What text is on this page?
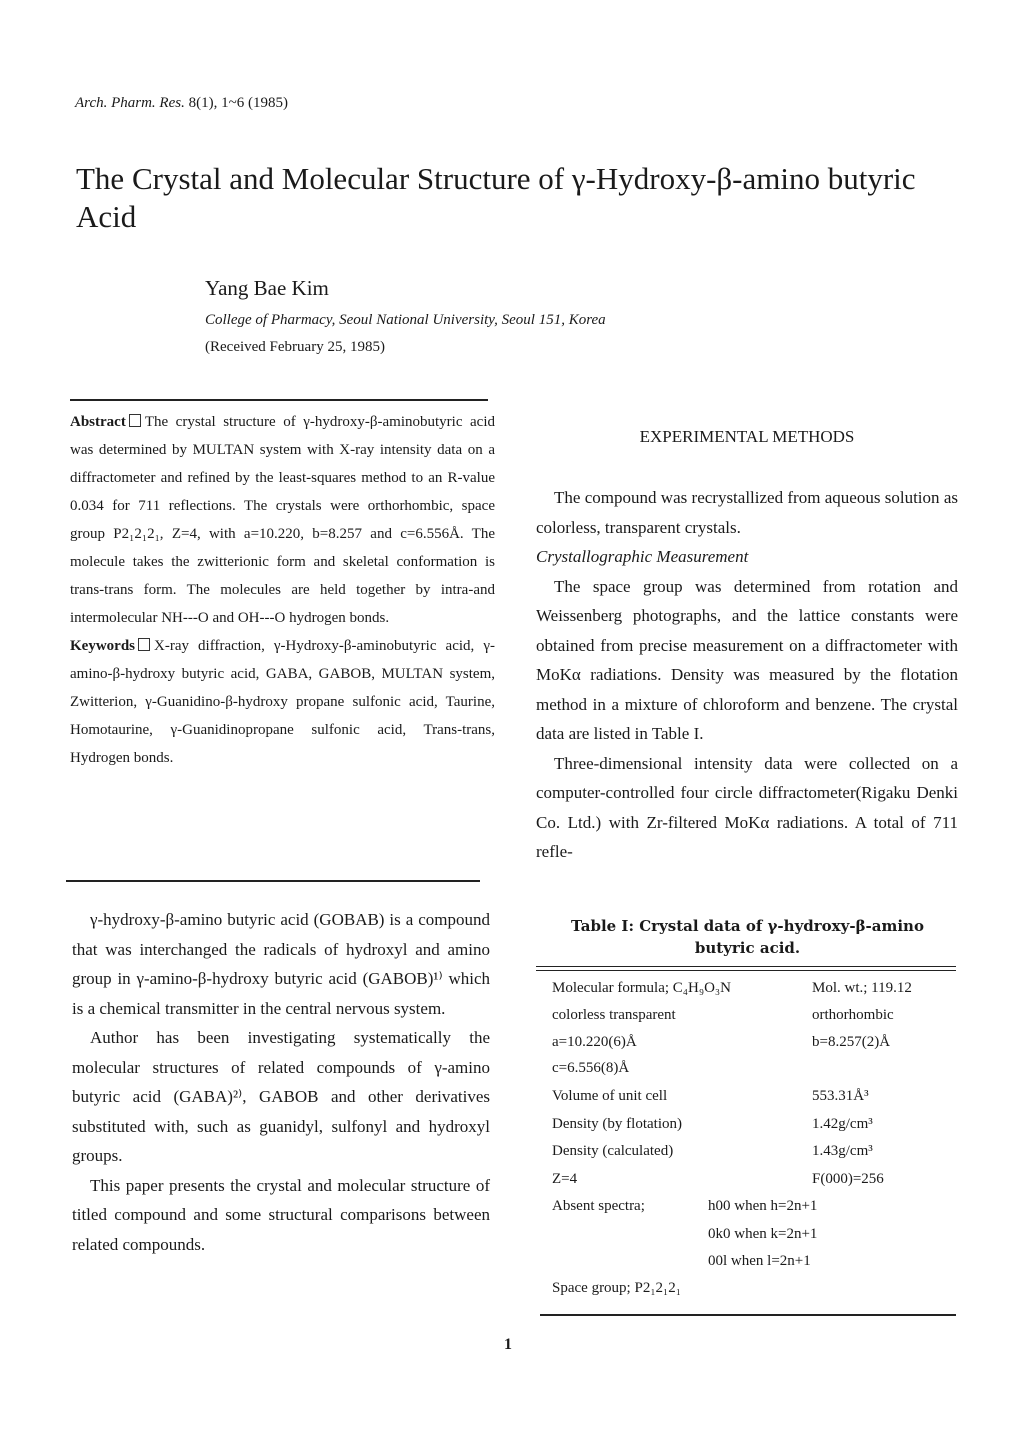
Arch. Pharm. Res. 8(1), 1~6 (1985)
The Crystal and Molecular Structure of γ-Hydroxy-β-amino butyric Acid
Yang Bae Kim
College of Pharmacy, Seoul National University, Seoul 151, Korea
(Received February 25, 1985)
Abstract The crystal structure of γ-hydroxy-β-aminobutyric acid was determined by MULTAN system with X-ray intensity data on a diffractometer and refined by the least-squares method to an R-value 0.034 for 711 reflections. The crystals were orthorhombic, space group P2₁2₁2₁, Z=4, with a=10.220, b=8.257 and c=6.556Å. The molecule takes the zwitterionic form and skeletal conformation is trans-trans form. The molecules are held together by intra-and intermolecular NH---O and OH---O hydrogen bonds.
Keywords X-ray diffraction, γ-Hydroxy-β-aminobutyric acid, γ-amino-β-hydroxy butyric acid, GABA, GABOB, MULTAN system, Zwitterion, γ-Guanidino-β-hydroxy propane sulfonic acid, Taurine, Homotaurine, γ-Guanidinopropane sulfonic acid, Trans-trans, Hydrogen bonds.

γ-hydroxy-β-amino butyric acid (GOBAB) is a compound that was interchanged the radicals of hydroxyl and amino group in γ-amino-β-hydroxy butyric acid (GABOB)¹⁾ which is a chemical transmitter in the central nervous system.

Author has been investigating systematically the molecular structures of related compounds of γ-amino butyric acid (GABA)²⁾, GABOB and other derivatives substituted with, such as guanidyl, sulfonyl and hydroxyl groups.

This paper presents the crystal and molecular structure of titled compound and some structural comparisons between related compounds.

EXPERIMENTAL METHODS

The compound was recrystallized from aqueous solution as colorless, transparent crystals.

Crystallographic Measurement

The space group was determined from rotation and Weissenberg photographs, and the lattice constants were obtained from precise measurement on a diffractometer with MoKα radiations. Density was measured by the flotation method in a mixture of chloroform and benzene. The crystal data are listed in Table I.

Three-dimensional intensity data were collected on a computer-controlled four circle diffractometer(Rigaku Denki Co. Ltd.) with Zr-filtered MoKα radiations. A total of 711 refle-

Table I: Crystal data of γ-hydroxy-β-amino butyric acid.
Molecular formula; C₄H₉O₃N	Mol. wt.; 119.12
colorless transparent	orthorhombic
a=10.220(6)Å	b=8.257(2)Å
c=6.556(8)Å
Volume of unit cell	553.31Å³
Density (by flotation)	1.42g/cm³
Density (calculated)	1.43g/cm³
Z=4	F(000)=256
Absent spectra;	h00 when h=2n+1
0k0 when k=2n+1
00l when l=2n+1
Space group; P2₁2₁2₁
1
